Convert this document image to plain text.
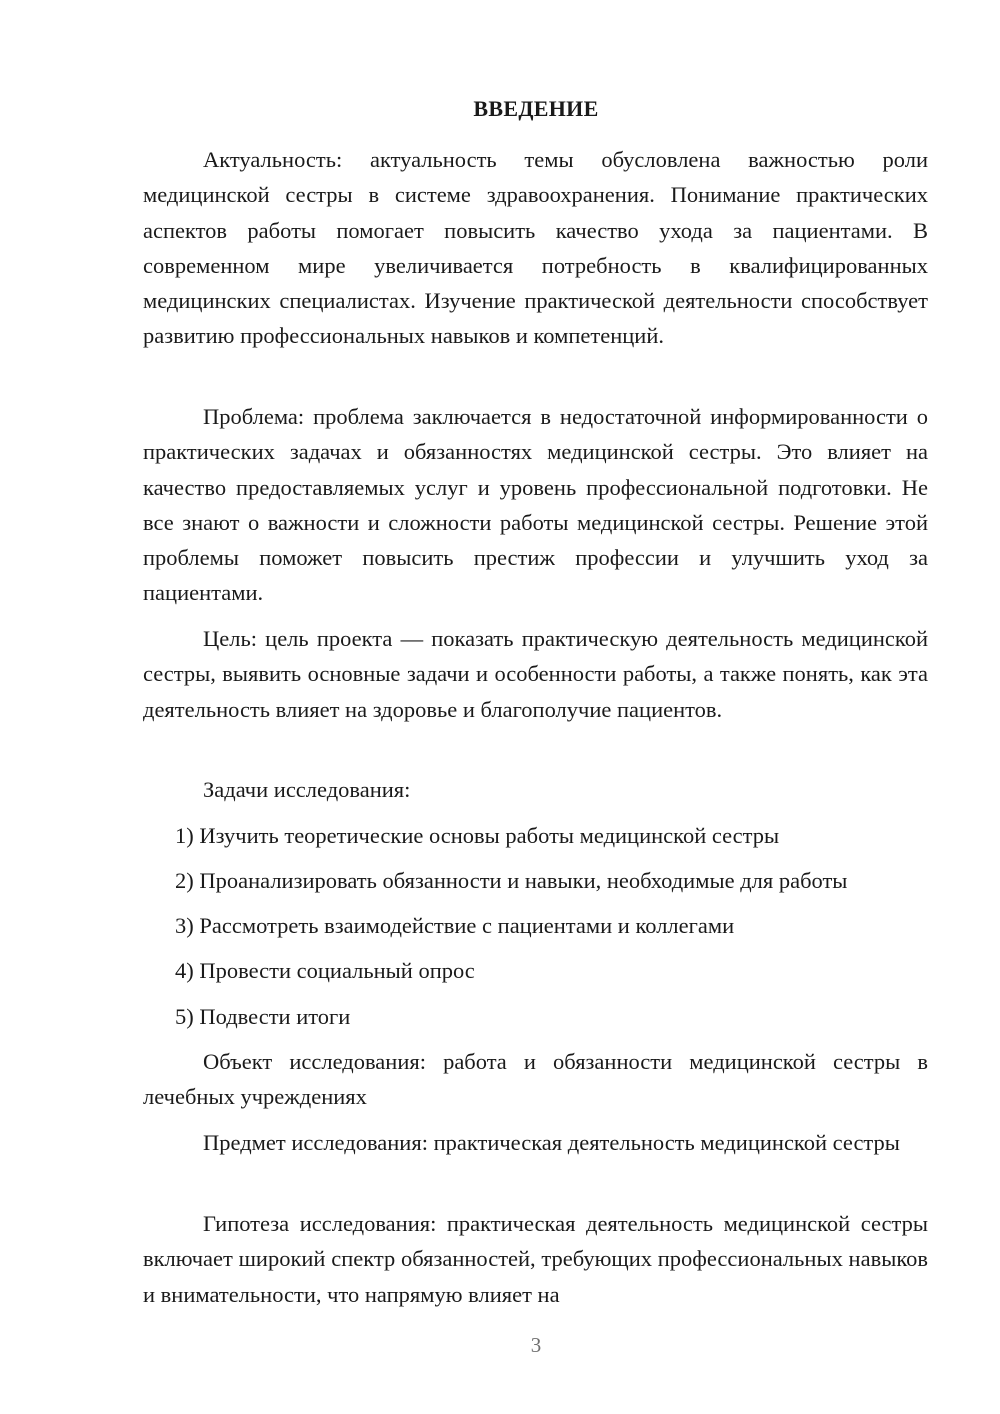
ВВЕДЕНИЕ

Актуальность: актуальность темы обусловлена важностью роли медицинской сестры в системе здравоохранения. Понимание практических аспектов работы помогает повысить качество ухода за пациентами. В современном мире увеличивается потребность в квалифицированных медицинских специалистах. Изучение практической деятельности способствует развитию профессиональных навыков и компетенций.

Проблема: проблема заключается в недостаточной информированности о практических задачах и обязанностях медицинской сестры. Это влияет на качество предоставляемых услуг и уровень профессиональной подготовки. Не все знают о важности и сложности работы медицинской сестры. Решение этой проблемы поможет повысить престиж профессии и улучшить уход за пациентами.

Цель: цель проекта — показать практическую деятельность медицинской сестры, выявить основные задачи и особенности работы, а также понять, как эта деятельность влияет на здоровье и благополучие пациентов.

Задачи исследования:

1) Изучить теоретические основы работы медицинской сестры
2) Проанализировать обязанности и навыки, необходимые для работы
3) Рассмотреть взаимодействие с пациентами и коллегами
4) Провести социальный опрос
5) Подвести итоги

Объект исследования: работа и обязанности медицинской сестры в лечебных учреждениях

Предмет исследования: практическая деятельность медицинской сестры

Гипотеза исследования: практическая деятельность медицинской сестры включает широкий спектр обязанностей, требующих профессиональных навыков и внимательности, что напрямую влияет на

3
